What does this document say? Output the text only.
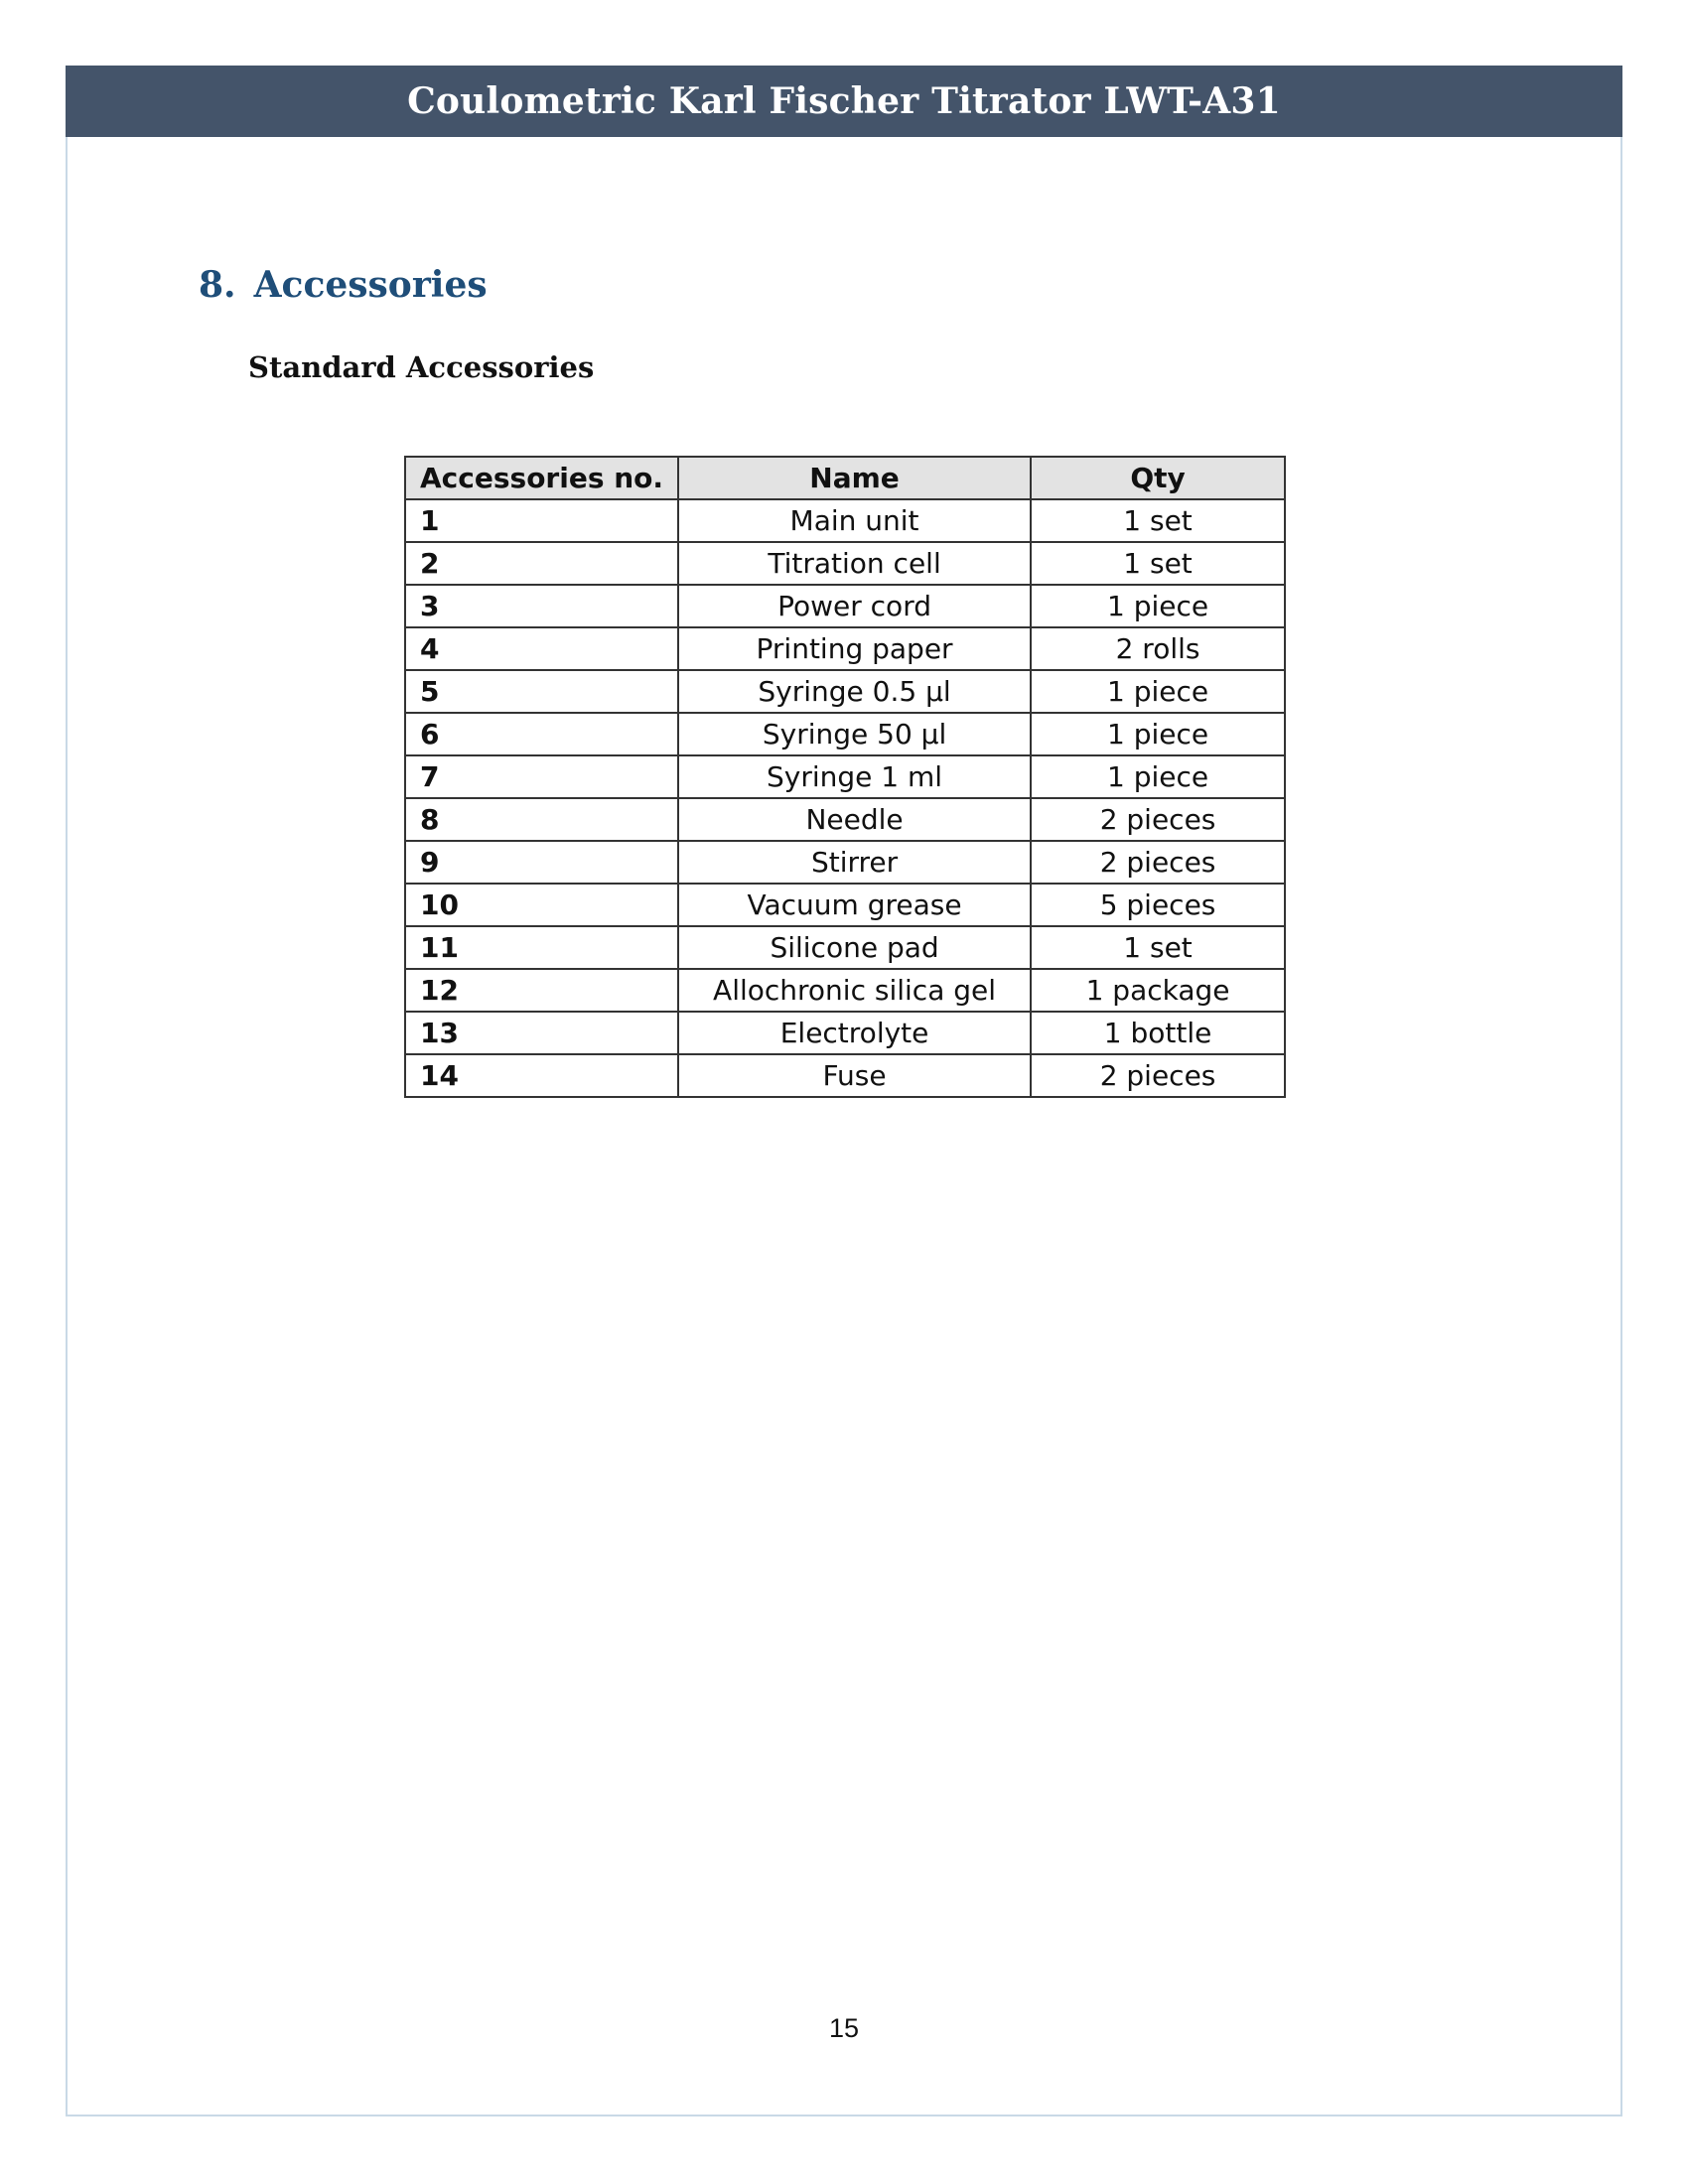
Coulometric Karl Fischer Titrator LWT-A31
8. Accessories
Standard Accessories
Accessories no.	Name	Qty
1	Main unit	1 set
2	Titration cell	1 set
3	Power cord	1 piece
4	Printing paper	2 rolls
5	Syringe 0.5 µl	1 piece
6	Syringe 50 µl	1 piece
7	Syringe 1 ml	1 piece
8	Needle	2 pieces
9	Stirrer	2 pieces
10	Vacuum grease	5 pieces
11	Silicone pad	1 set
12	Allochronic silica gel	1 package
13	Electrolyte	1 bottle
14	Fuse	2 pieces
15
